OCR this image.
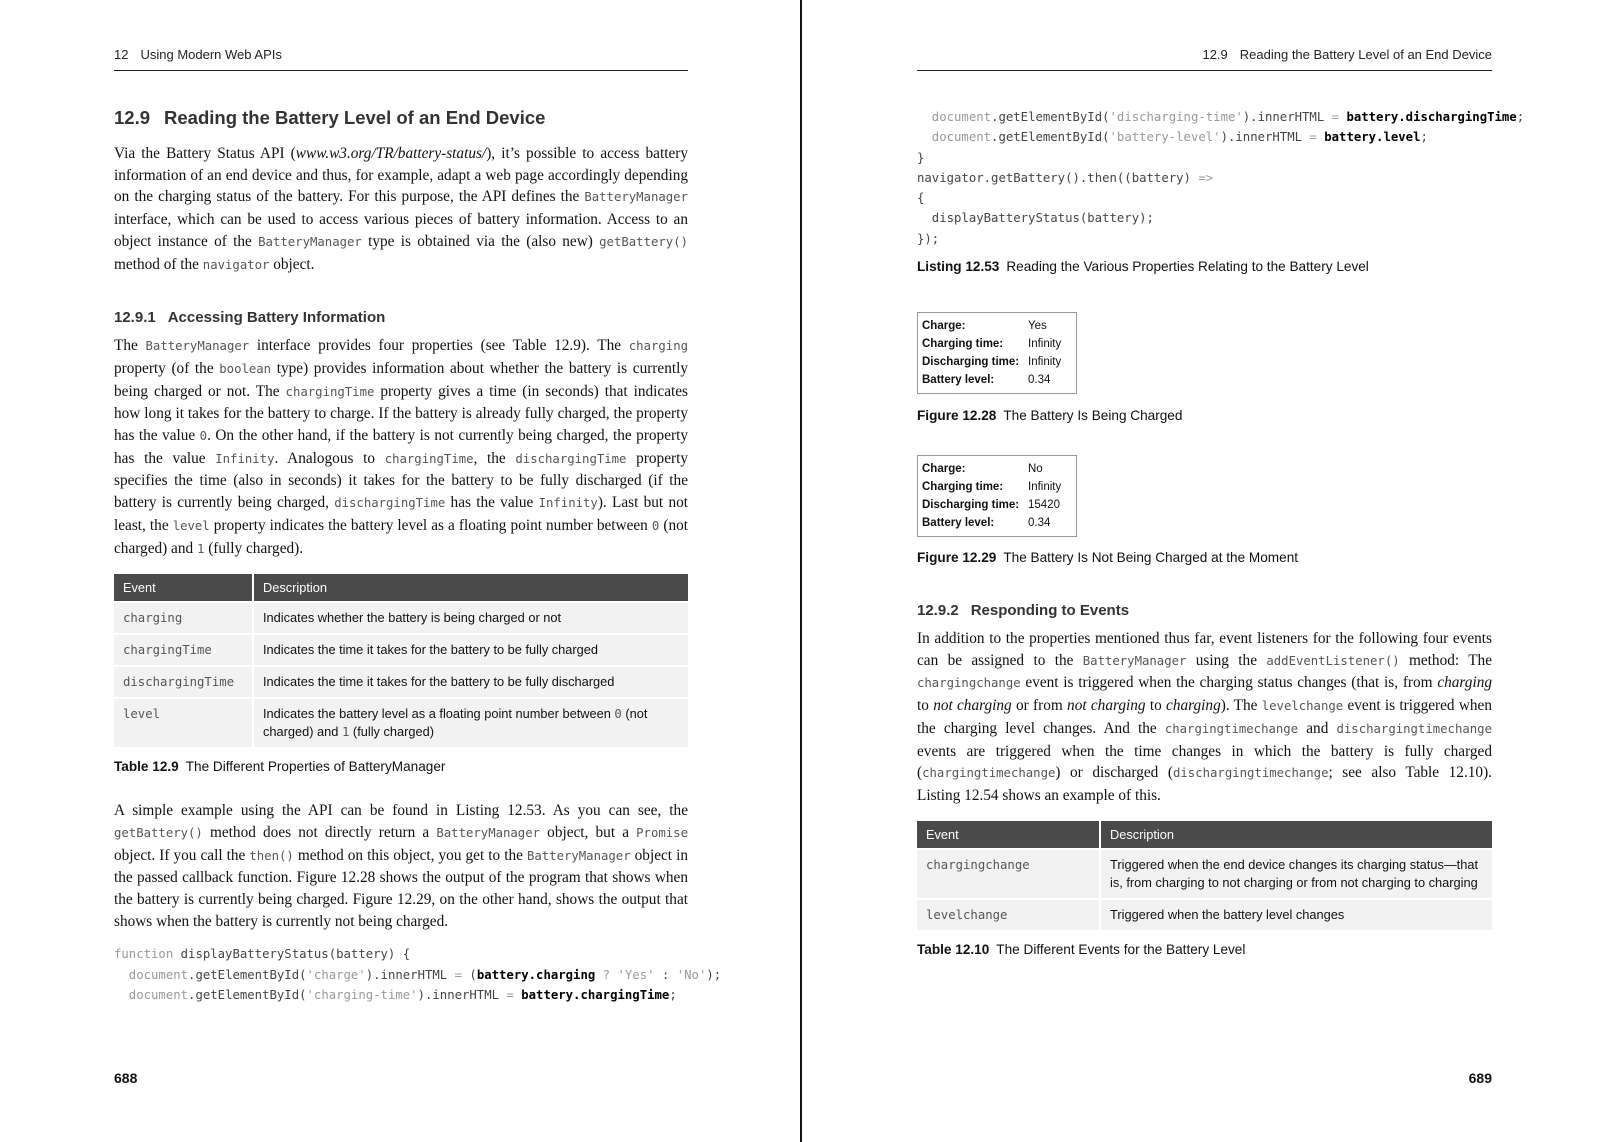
12 Using Modern Web APIs
12.9 Reading the Battery Level of an End Device

Via the Battery Status API (www.w3.org/TR/battery-status/), it’s possible to access battery information of an end device and thus, for example, adapt a web page accordingly depending on the charging status of the battery. For this purpose, the API defines the BatteryManager interface, which can be used to access various pieces of battery information. Access to an object instance of the BatteryManager type is obtained via the (also new) getBattery() method of the navigator object.

12.9.1 Accessing Battery Information

The BatteryManager interface provides four properties (see Table 12.9). The charging property (of the boolean type) provides information about whether the battery is currently being charged or not. The chargingTime property gives a time (in seconds) that indicates how long it takes for the battery to charge. If the battery is already fully charged, the property has the value 0. On the other hand, if the battery is not currently being charged, the property has the value Infinity. Analogous to chargingTime, the dischargingTime property specifies the time (also in seconds) it takes for the battery to be fully discharged (if the battery is currently being charged, dischargingTime has the value Infinity). Last but not least, the level property indicates the battery level as a floating point number between 0 (not charged) and 1 (fully charged).

Event	Description
charging	Indicates whether the battery is being charged or not
chargingTime	Indicates the time it takes for the battery to be fully charged
dischargingTime	Indicates the time it takes for the battery to be fully discharged
level	Indicates the battery level as a floating point number between 0 (not charged) and 1 (fully charged)
Table 12.9 The Different Properties of BatteryManager

A simple example using the API can be found in Listing 12.53. As you can see, the getBattery() method does not directly return a BatteryManager object, but a Promise object. If you call the then() method on this object, you get to the BatteryManager object in the passed callback function. Figure 12.28 shows the output of the program that shows when the battery is currently being charged. Figure 12.29, on the other hand, shows the output that shows when the battery is currently not being charged.

function displayBatteryStatus(battery) {
document.getElementById('charge').innerHTML = (battery.charging ? 'Yes' : 'No');
document.getElementById('charging-time').innerHTML = battery.chargingTime;
688
12.9 Reading the Battery Level of an End Device
document.getElementById('discharging-time').innerHTML = battery.dischargingTime;
document.getElementById('battery-level').innerHTML = battery.level;
}
navigator.getBattery().then((battery) =>
{
displayBatteryStatus(battery);
});
Listing 12.53 Reading the Various Properties Relating to the Battery Level
Charge:	Yes
Charging time:	Infinity
Discharging time: Infinity
Battery level:	0.34
Figure 12.28 The Battery Is Being Charged
Charge:	No
Charging time:	Infinity
Discharging time: 15420
Battery level:	0.34
Figure 12.29 The Battery Is Not Being Charged at the Moment
12.9.2 Responding to Events

In addition to the properties mentioned thus far, event listeners for the following four events can be assigned to the BatteryManager using the addEventListener() method: The chargingchange event is triggered when the charging status changes (that is, from charging to not charging or from not charging to charging). The levelchange event is triggered when the charging level changes. And the chargingtimechange and dischargingtimechange events are triggered when the time changes in which the battery is fully charged (chargingtimechange) or discharged (dischargingtimechange; see also Table 12.10). Listing 12.54 shows an example of this.

Event	Description
chargingchange	Triggered when the end device changes its charging status—that is, from charging to not charging or from not charging to charging
levelchange	Triggered when the battery level changes
Table 12.10 The Different Events for the Battery Level
689
